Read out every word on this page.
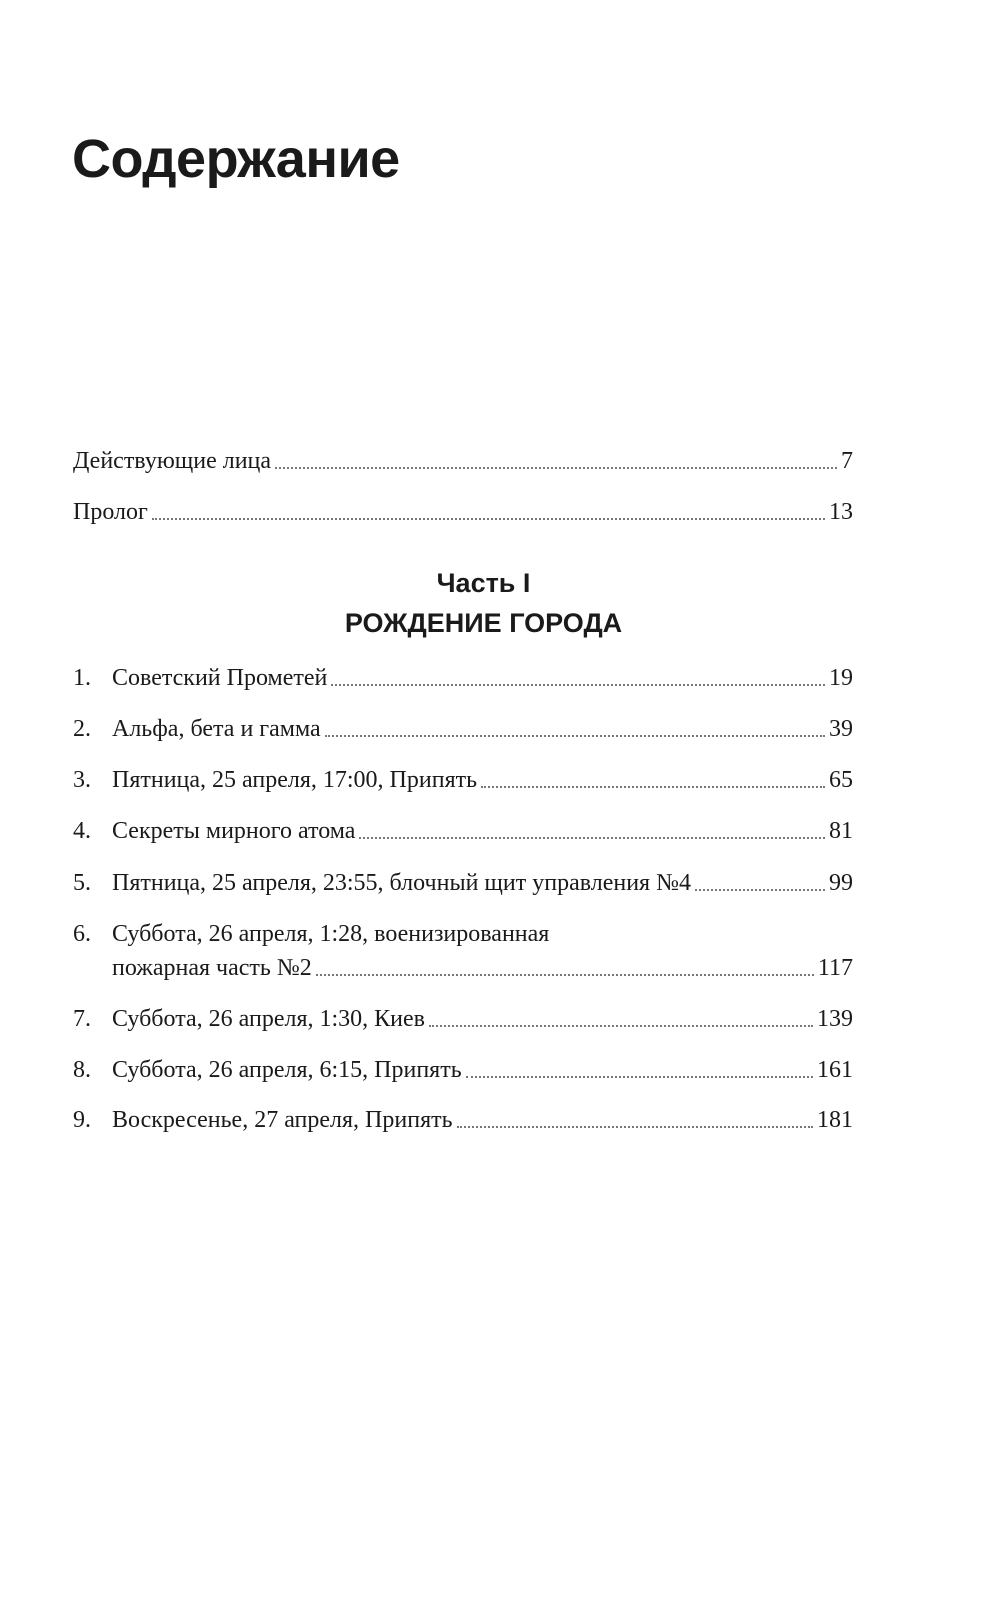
Содержание
Действующие лица	7
Пролог	13
Часть I
РОЖДЕНИЕ ГОРОДА
1. Советский Прометей	19
2. Альфа, бета и гамма	39
3. Пятница, 25 апреля, 17:00, Припять	65
4. Секреты мирного атома	81
5. Пятница, 25 апреля, 23:55, блочный щит управления №4	99
6. Суббота, 26 апреля, 1:28, военизированная
пожарная часть №2	117
7. Суббота, 26 апреля, 1:30, Киев	139
8. Суббота, 26 апреля, 6:15, Припять	161
9. Воскресенье, 27 апреля, Припять	181
